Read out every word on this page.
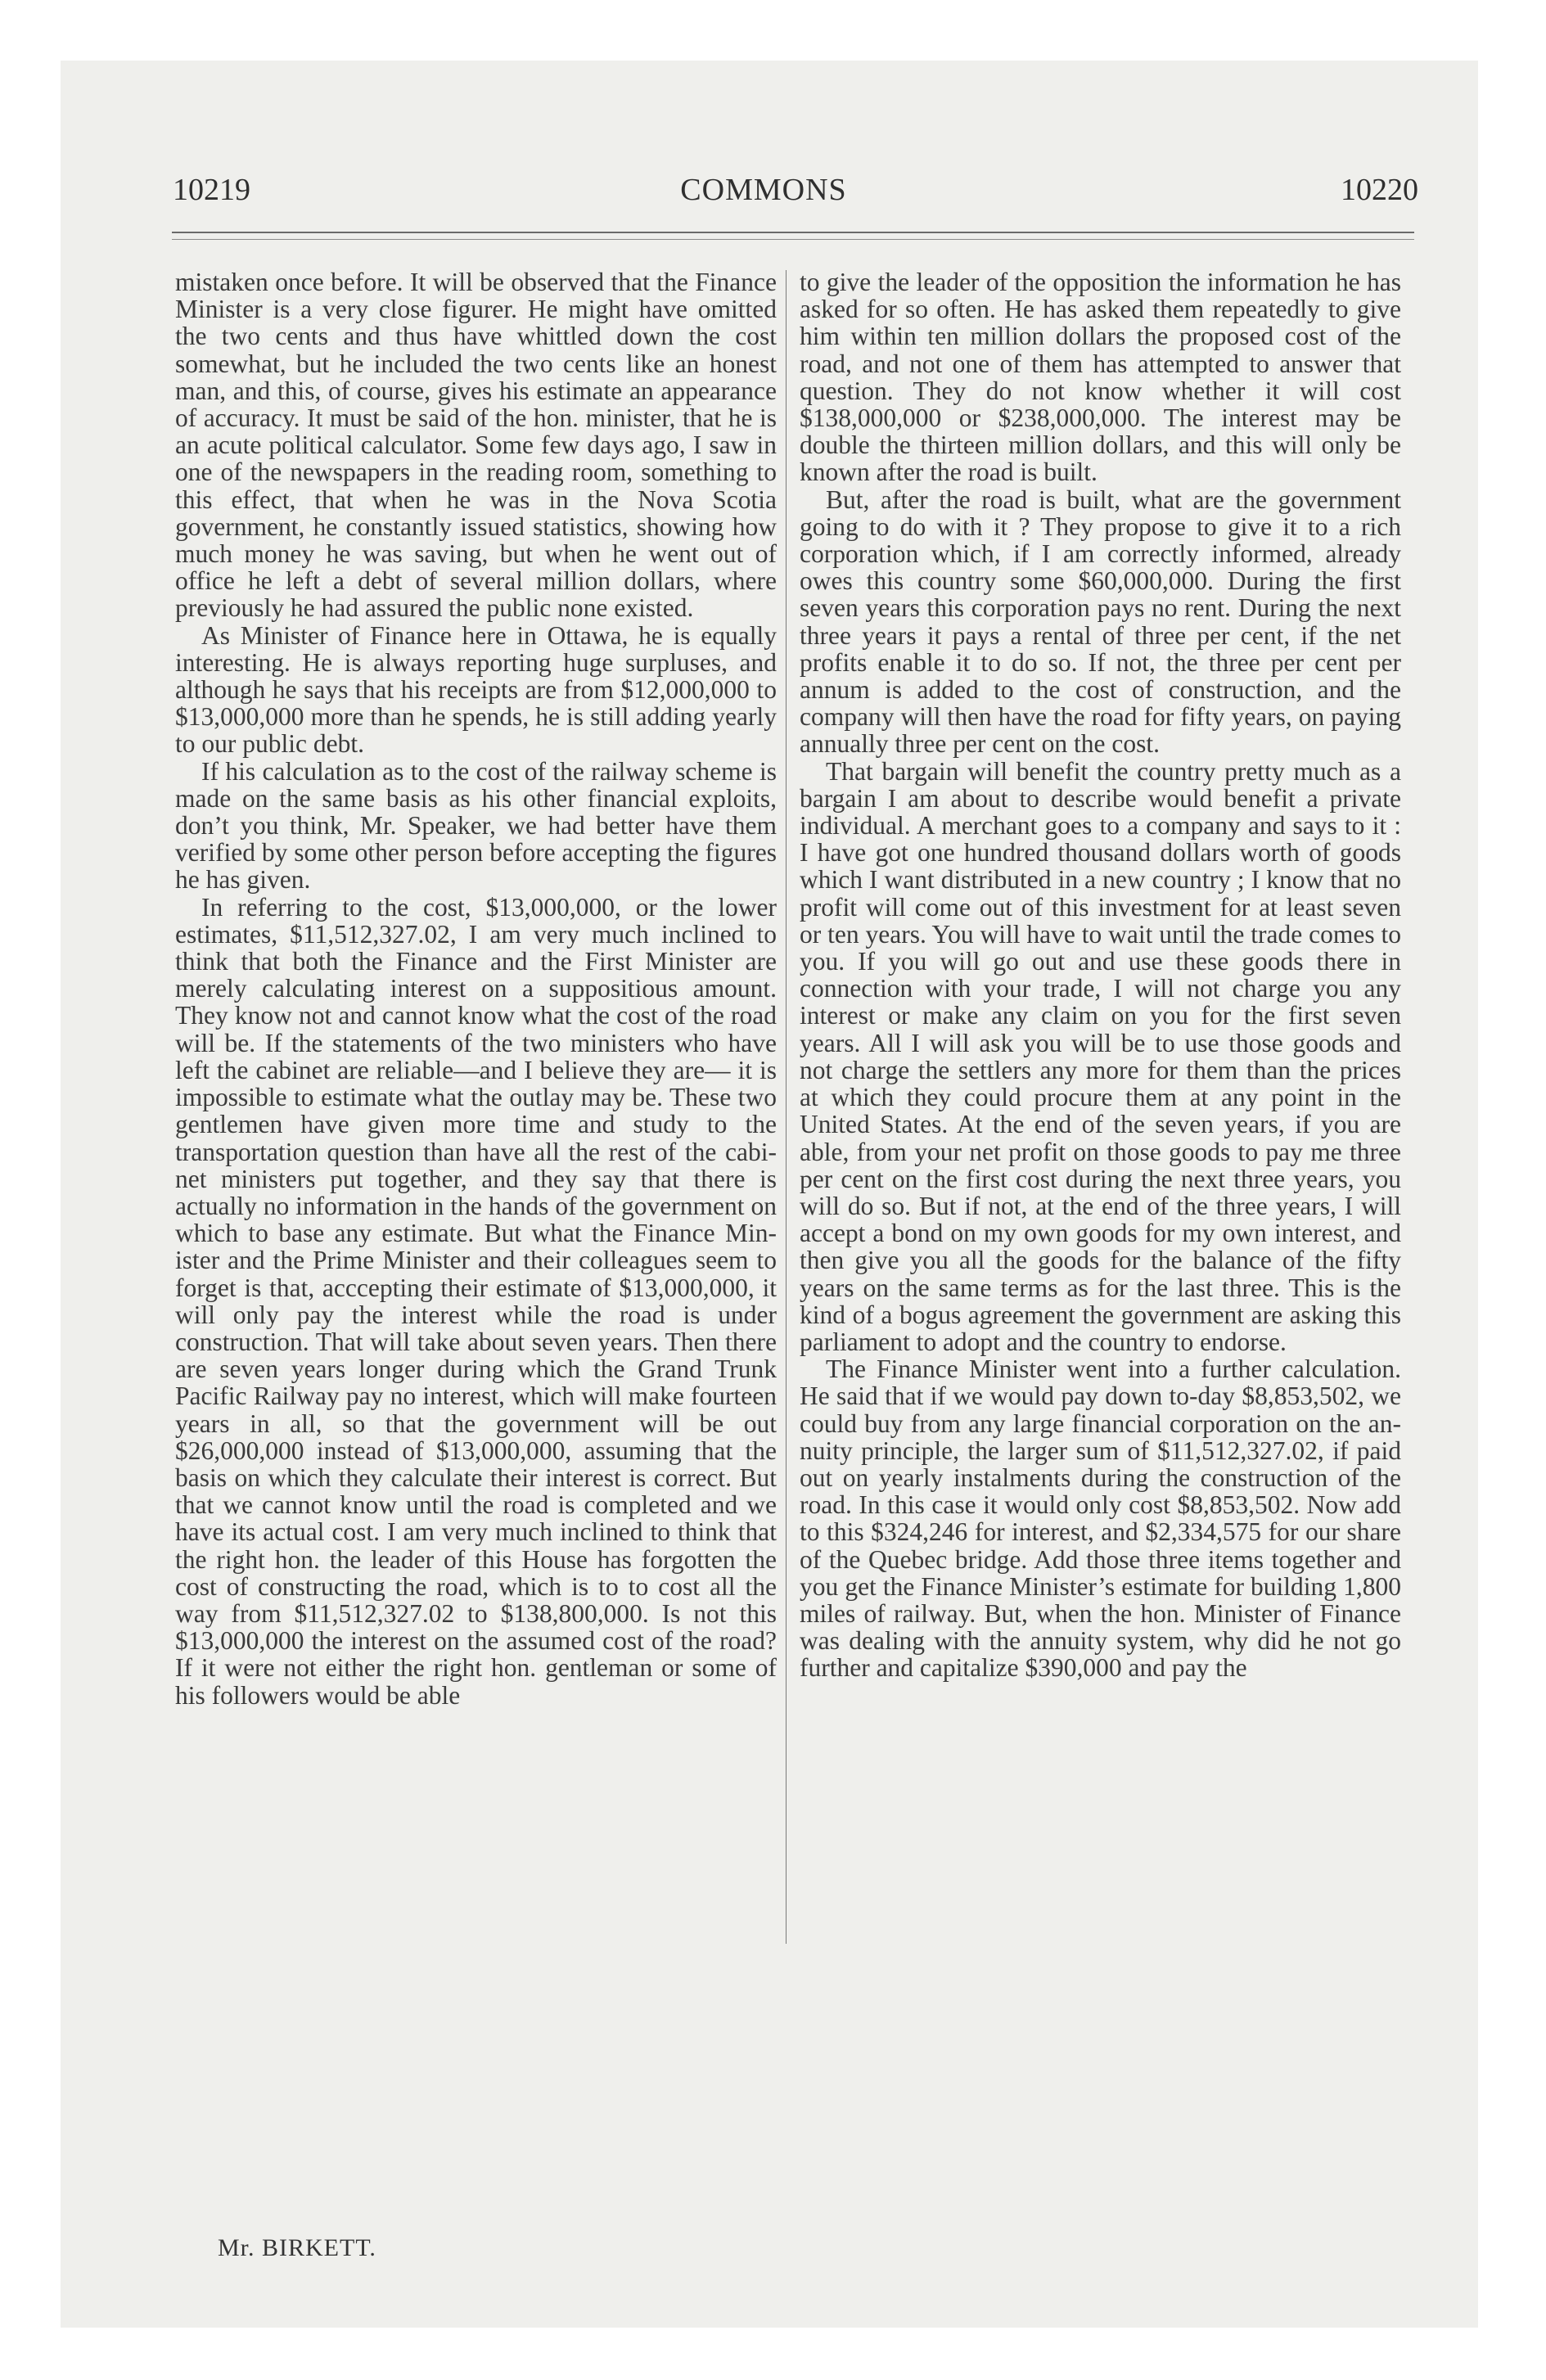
10219	COMMONS	10220

mistaken once before. It will be observed that the Finance Minister is a very close figurer. He might have omitted the two cents and thus have whittled down the cost somewhat, but he included the two cents like an honest man, and this, of course, gives his estimate an appearance of accuracy. It must be said of the hon. minister, that he is an acute political calculator. Some few days ago, I saw in one of the newspapers in the reading room, something to this effect, that when he was in the Nova Scotia government, he constantly issued statistics, showing how much money he was saving, but when he went out of office he left a debt of several million dollars, where previously he had assured the public none existed.

As Minister of Finance here in Ottawa, he is equally interesting. He is always reporting huge surpluses, and although he says that his receipts are from $12,000,000 to $13,000,000 more than he spends, he is still adding yearly to our public debt.

If his calculation as to the cost of the railway scheme is made on the same basis as his other financial exploits, don’t you think, Mr. Speaker, we had better have them verified by some other person before accepting the figures he has given.

In referring to the cost, $13,000,000, or the lower estimates, $11,512,327.02, I am very much inclined to think that both the Finance and the First Minister are merely calculating interest on a suppositious amount. They know not and cannot know what the cost of the road will be. If the statements of the two ministers who have left the cabinet are reliable—and I believe they are— it is impossible to estimate what the outlay may be. These two gentlemen have given more time and study to the transportation question than have all the rest of the cabinet ministers put together, and they say that there is actually no information in the hands of the government on which to base any estimate. But what the Finance Minister and the Prime Minister and their colleagues seem to forget is that, acccepting their estimate of $13,000,000, it will only pay the interest while the road is under construction. That will take about seven years. Then there are seven years longer during which the Grand Trunk Pacific Railway pay no interest, which will make fourteen years in all, so that the government will be out $26,000,000 instead of $13,000,000, assuming that the basis on which they calculate their interest is correct. But that we cannot know until the road is completed and we have its actual cost. I am very much inclined to think that the right hon. the leader of this House has forgotten the cost of constructing the road, which is to to cost all the way from $11,512,327.02 to $138,800,000. Is not this $13,000,000 the interest on the assumed cost of the road? If it were not either the right hon. gentleman or some of his followers would be able

to give the leader of the opposition the information he has asked for so often. He has asked them repeatedly to give him within ten million dollars the proposed cost of the road, and not one of them has attempted to answer that question. They do not know whether it will cost $138,000,000 or $238,000,000. The interest may be double the thirteen million dollars, and this will only be known after the road is built.

But, after the road is built, what are the government going to do with it ? They propose to give it to a rich corporation which, if I am correctly informed, already owes this country some $60,000,000. During the first seven years this corporation pays no rent. During the next three years it pays a rental of three per cent, if the net profits enable it to do so. If not, the three per cent per annum is added to the cost of construction, and the company will then have the road for fifty years, on paying annually three per cent on the cost.

That bargain will benefit the country pretty much as a bargain I am about to describe would benefit a private individual. A merchant goes to a company and says to it : I have got one hundred thousand dollars worth of goods which I want distributed in a new country ; I know that no profit will come out of this investment for at least seven or ten years. You will have to wait until the trade comes to you. If you will go out and use these goods there in connection with your trade, I will not charge you any interest or make any claim on you for the first seven years. All I will ask you will be to use those goods and not charge the settlers any more for them than the prices at which they could procure them at any point in the United States. At the end of the seven years, if you are able, from your net profit on those goods to pay me three per cent on the first cost during the next three years, you will do so. But if not, at the end of the three years, I will accept a bond on my own goods for my own interest, and then give you all the goods for the balance of the fifty years on the same terms as for the last three. This is the kind of a bogus agreement the government are asking this parliament to adopt and the country to endorse.

The Finance Minister went into a further calculation. He said that if we would pay down to-day $8,853,502, we could buy from any large financial corporation on the annuity principle, the larger sum of $11,512,327.02, if paid out on yearly instalments during the construction of the road. In this case it would only cost $8,853,502. Now add to this $324,246 for interest, and $2,334,575 for our share of the Quebec bridge. Add those three items together and you get the Finance Minister’s estimate for building 1,800 miles of railway. But, when the hon. Minister of Finance was dealing with the annuity system, why did he not go further and capitalize $390,000 and pay the

Mr. BIRKETT.
